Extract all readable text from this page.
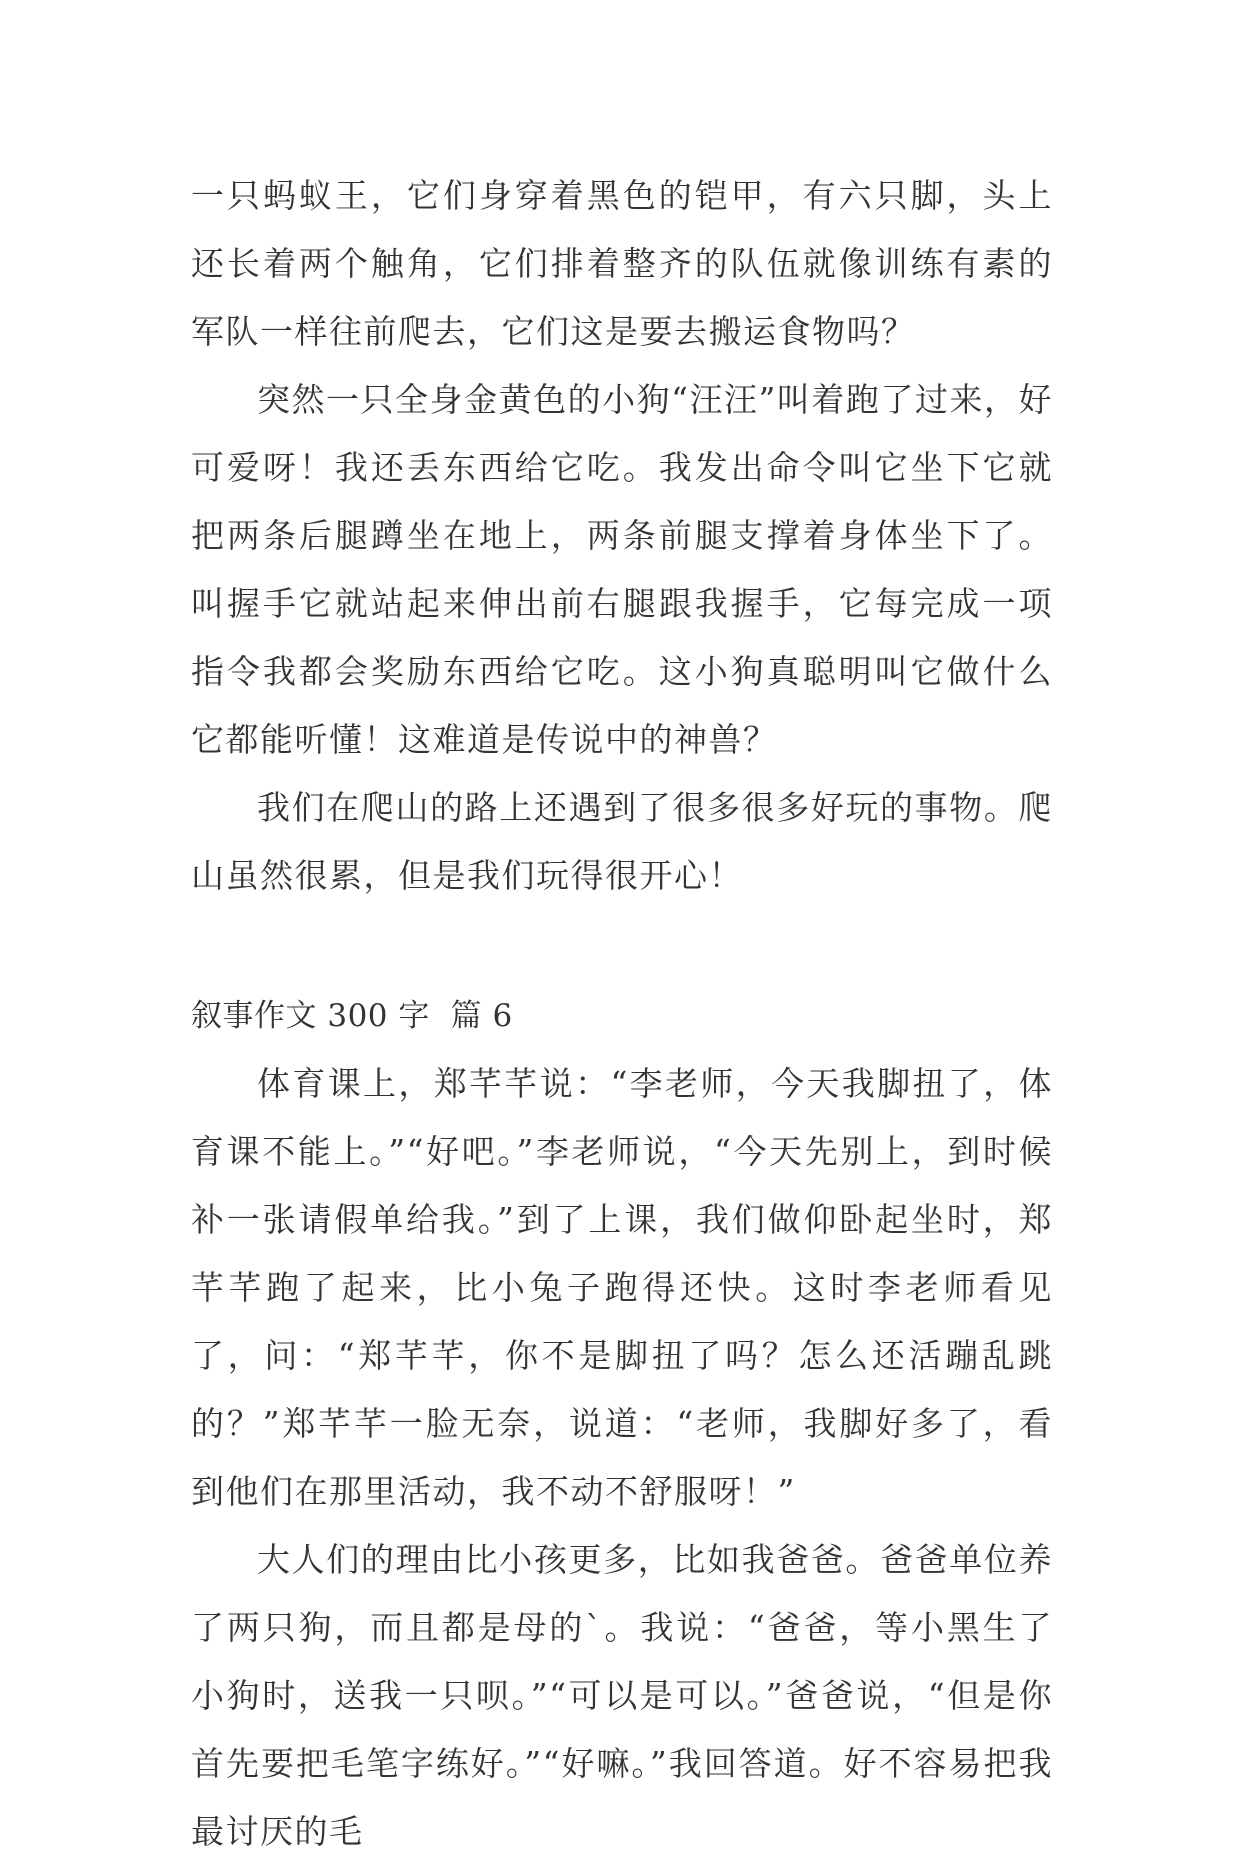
一只蚂蚁王，它们身穿着黑色的铠甲，有六只脚，头上还长着两个触角，它们排着整齐的队伍就像训练有素的军队一样往前爬去，它们这是要去搬运食物吗？

突然一只全身金黄色的小狗“汪汪”叫着跑了过来，好可爱呀！我还丢东西给它吃。我发出命令叫它坐下它就把两条后腿蹲坐在地上，两条前腿支撑着身体坐下了。叫握手它就站起来伸出前右腿跟我握手，它每完成一项指令我都会奖励东西给它吃。这小狗真聪明叫它做什么它都能听懂！这难道是传说中的神兽？

我们在爬山的路上还遇到了很多很多好玩的事物。爬山虽然很累，但是我们玩得很开心！

叙事作文 300 字  篇 6

体育课上，郑芊芊说：“李老师，今天我脚扭了，体育课不能上。”“好吧。”李老师说，“今天先别上，到时候补一张请假单给我。”到了上课，我们做仰卧起坐时，郑芊芊跑了起来，比小兔子跑得还快。这时李老师看见了，问：“郑芊芊，你不是脚扭了吗？怎么还活蹦乱跳的？”郑芊芊一脸无奈，说道：“老师，我脚好多了，看到他们在那里活动，我不动不舒服呀！”

大人们的理由比小孩更多，比如我爸爸。爸爸单位养了两只狗，而且都是母的`。我说：“爸爸，等小黑生了小狗时，送我一只呗。”“可以是可以。”爸爸说，“但是你首先要把毛笔字练好。”“好嘛。”我回答道。好不容易把我最讨厌的毛
